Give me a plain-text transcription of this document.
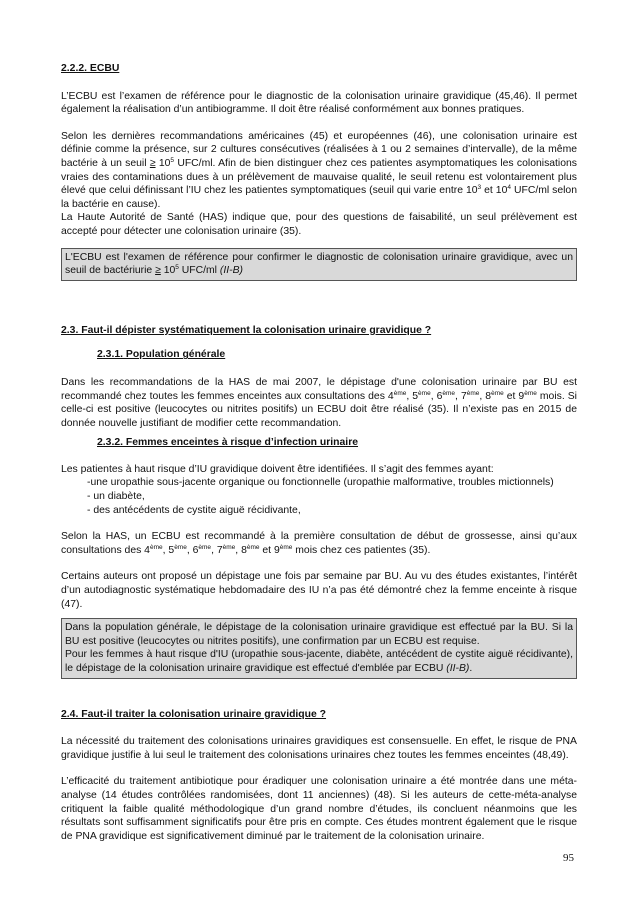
2.2.2. ECBU

L’ECBU est l’examen de référence pour le diagnostic de la colonisation urinaire gravidique (45,46). Il permet également la réalisation d’un antibiogramme. Il doit être réalisé conformément aux bonnes pratiques.

Selon les dernières recommandations américaines (45) et européennes (46), une colonisation urinaire est définie comme la présence, sur 2 cultures consécutives (réalisées à 1 ou 2 semaines d’intervalle), de la même bactérie à un seuil ≥ $10^5$ UFC/ml. Afin de bien distinguer chez ces patientes asymptomatiques les colonisations vraies des contaminations dues à un prélèvement de mauvaise qualité, le seuil retenu est volontairement plus élevé que celui définissant l’IU chez les patientes symptomatiques (seuil qui varie entre $10^3$ et $10^4$ UFC/ml selon la bactérie en cause).

La Haute Autorité de Santé (HAS) indique que, pour des questions de faisabilité, un seul prélèvement est accepté pour détecter une colonisation urinaire (35).

L'ECBU est l'examen de référence pour confirmer le diagnostic de colonisation urinaire gravidique, avec un seuil de bactériurie ≥ $10^5$ UFC/ml (II-B)
2.3. Faut-il dépister systématiquement la colonisation urinaire gravidique ?
2.3.1. Population générale

Dans les recommandations de la HAS de mai 2007, le dépistage d'une colonisation urinaire par BU est recommandé chez toutes les femmes enceintes aux consultations des 4ème, 5ème, 6ème, 7ème, 8ème et 9ème mois. Si celle-ci est positive (leucocytes ou nitrites positifs) un ECBU doit être réalisé (35). Il n’existe pas en 2015 de donnée nouvelle justifiant de modifier cette recommandation.

2.3.2. Femmes enceintes à risque d’infection urinaire

Les patientes à haut risque d’IU gravidique doivent être identifiées. Il s’agit des femmes ayant:

-une uropathie sous-jacente organique ou fonctionnelle (uropathie malformative, troubles mictionnels)

- un diabète,

- des antécédents de cystite aiguë récidivante,

Selon la HAS, un ECBU est recommandé à la première consultation de début de grossesse, ainsi qu’aux consultations des 4ème, 5ème, 6ème, 7ème, 8ème et 9ème mois chez ces patientes (35).

Certains auteurs ont proposé un dépistage une fois par semaine par BU. Au vu des études existantes, l’intérêt d’un autodiagnostic systématique hebdomadaire des IU n’a pas été démontré chez la femme enceinte à risque (47).

Dans la population générale, le dépistage de la colonisation urinaire gravidique est effectué par la BU. Si la BU est positive (leucocytes ou nitrites positifs), une confirmation par un ECBU est requise.
Pour les femmes à haut risque d'IU (uropathie sous-jacente, diabète, antécédent de cystite aiguë récidivante), le dépistage de la colonisation urinaire gravidique est effectué d'emblée par ECBU (II-B).
2.4. Faut-il traiter la colonisation urinaire gravidique ?

La nécessité du traitement des colonisations urinaires gravidiques est consensuelle. En effet, le risque de PNA gravidique justifie à lui seul le traitement des colonisations urinaires chez toutes les femmes enceintes (48,49).

L’efficacité du traitement antibiotique pour éradiquer une colonisation urinaire a été montrée dans une méta-analyse (14 études contrôlées randomisées, dont 11 anciennes) (48). Si les auteurs de cette-méta-analyse critiquent la faible qualité méthodologique d’un grand nombre d’études, ils concluent néanmoins que les résultats sont suffisamment significatifs pour être pris en compte. Ces études montrent également que le risque de PNA gravidique est significativement diminué par le traitement de la colonisation urinaire.

95
